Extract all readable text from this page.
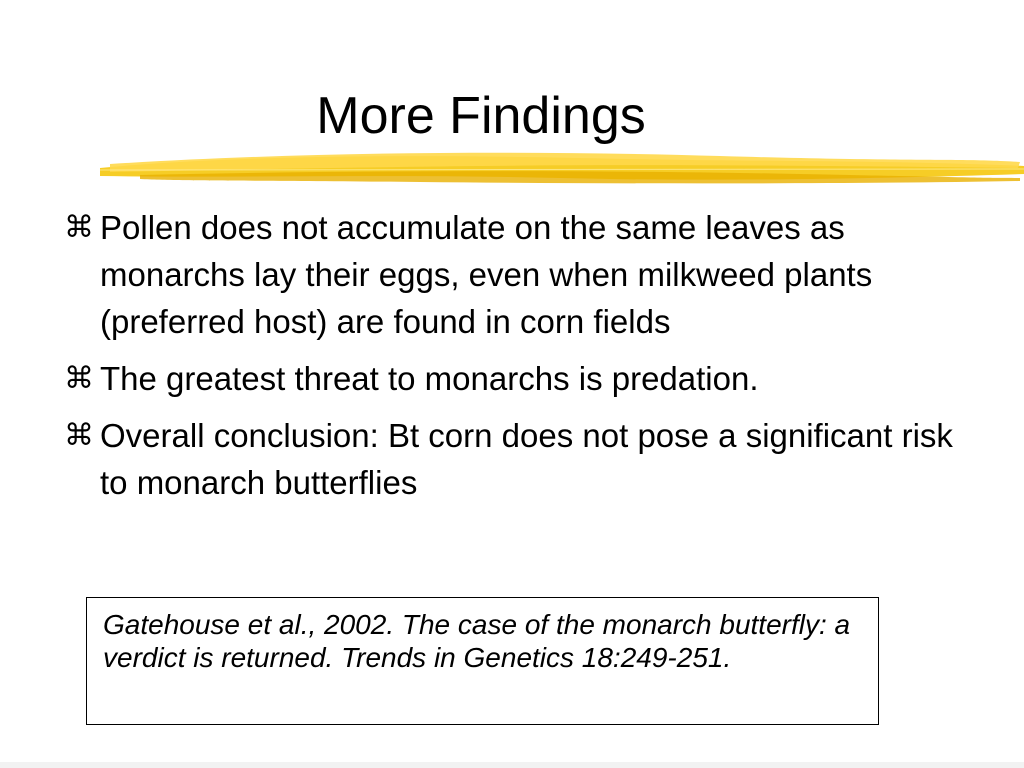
More Findings
⌘ Pollen does not accumulate on the same leaves as monarchs lay their eggs, even when milkweed plants (preferred host) are found in corn fields
⌘ The greatest threat to monarchs is predation.
⌘ Overall conclusion: Bt corn does not pose a significant risk to monarch butterflies

Gatehouse et al., 2002. The case of the monarch butterfly: a verdict is returned. Trends in Genetics 18:249-251.
